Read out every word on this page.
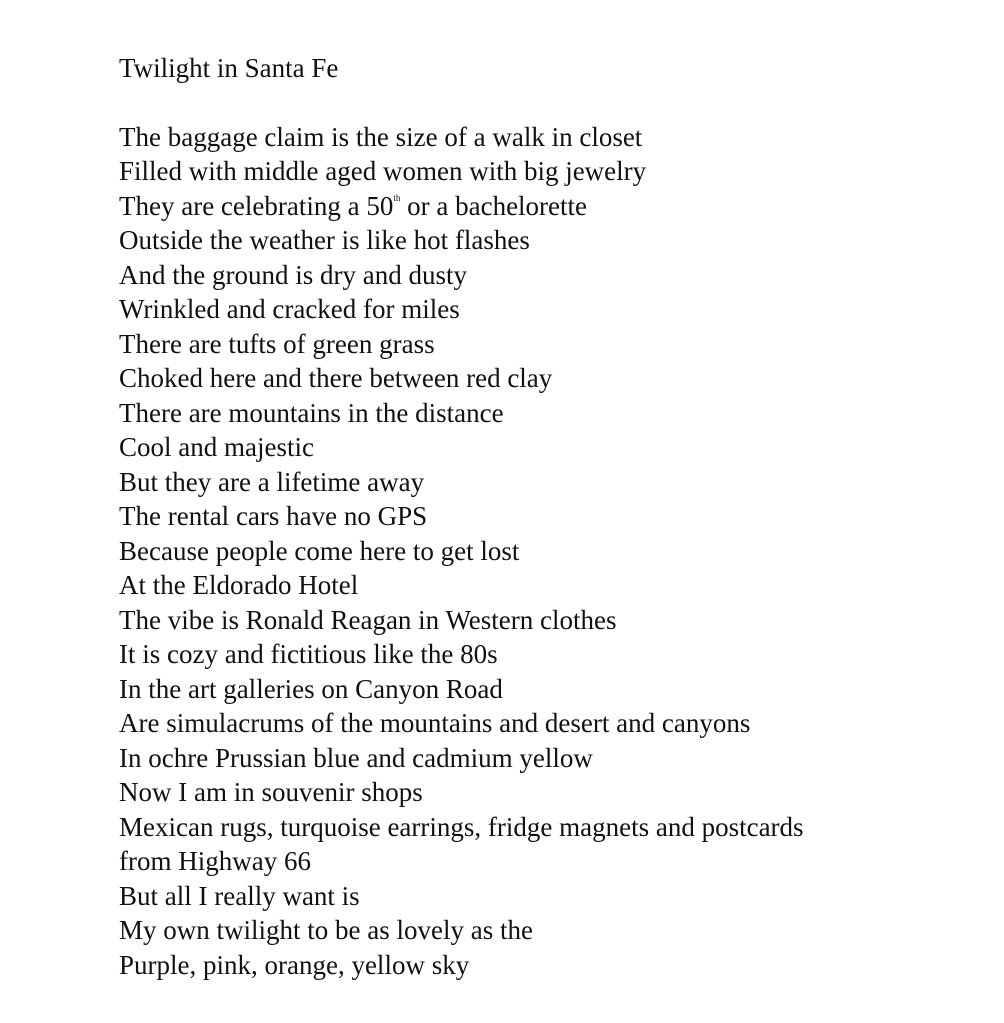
Twilight in Santa Fe
The baggage claim is the size of a walk in closet
Filled with middle aged women with big jewelry
They are celebrating a 50th or a bachelorette
Outside the weather is like hot flashes
And the ground is dry and dusty
Wrinkled and cracked for miles
There are tufts of green grass
Choked here and there between red clay
There are mountains in the distance
Cool and majestic
But they are a lifetime away
The rental cars have no GPS
Because people come here to get lost
At the Eldorado Hotel
The vibe is Ronald Reagan in Western clothes
It is cozy and fictitious like the 80s
In the art galleries on Canyon Road
Are simulacrums of the mountains and desert and canyons
In ochre Prussian blue and cadmium yellow
Now I am in souvenir shops
Mexican rugs, turquoise earrings, fridge magnets and postcards
from Highway 66
But all I really want is
My own twilight to be as lovely as the
Purple, pink, orange, yellow sky
